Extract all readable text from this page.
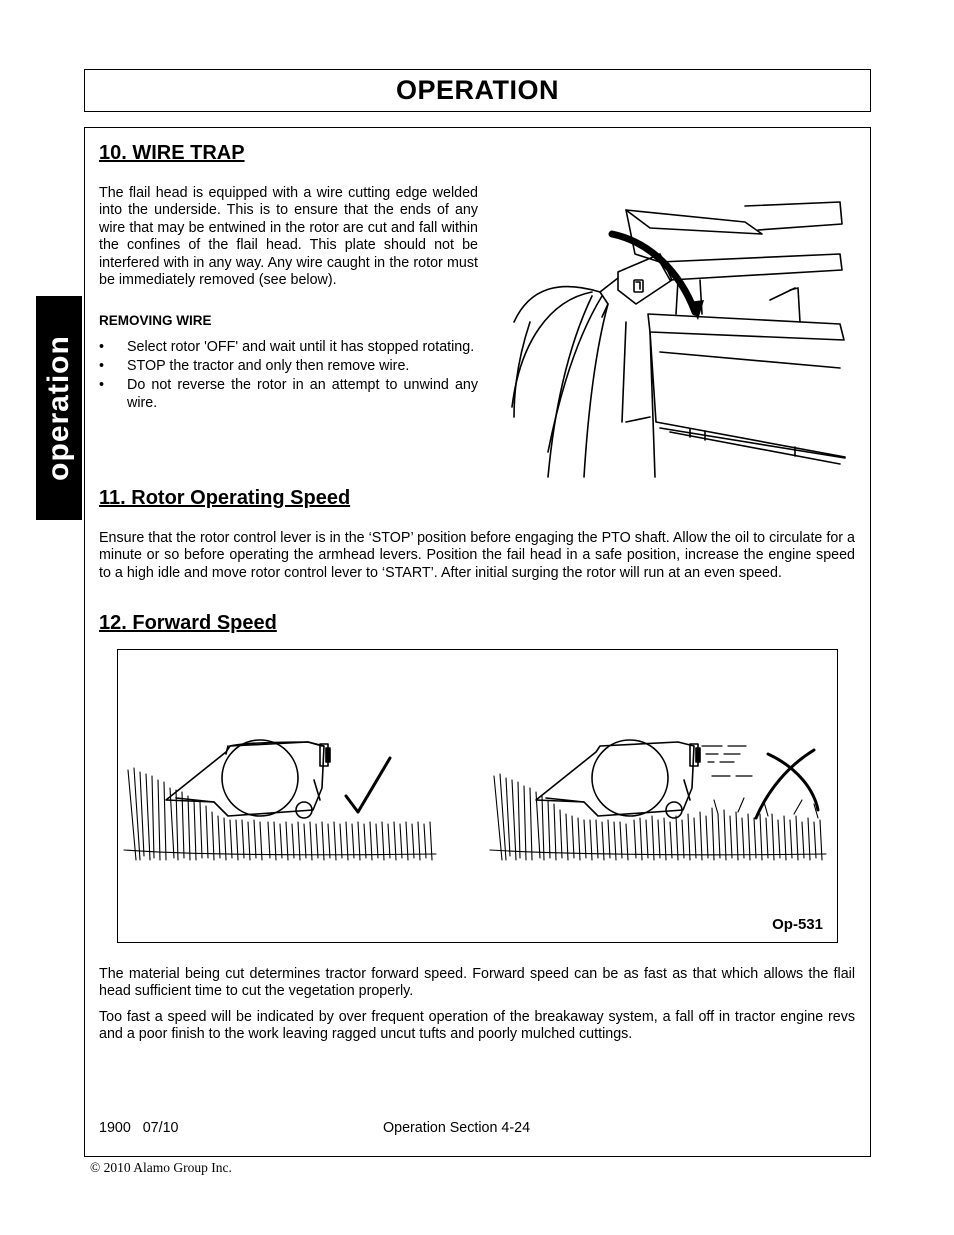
OPERATION
operation
10. WIRE TRAP
The flail head is equipped with a wire cutting edge welded into the underside. This is to ensure that the ends of any wire that may be entwined in the rotor are cut and fall within the confines of the flail head. This plate should not be interfered with in any way. Any wire caught in the rotor must be immediately removed (see below).
REMOVING WIRE
• Select rotor 'OFF' and wait until it has stopped rotating.
• STOP the tractor and only then remove wire.
• Do not reverse the rotor in an attempt to unwind any wire.
11. Rotor Operating Speed
Ensure that the rotor control lever is in the ‘STOP’ position before engaging the PTO shaft. Allow the oil to circulate for a minute or so before operating the armhead levers. Position the fail head in a safe position, increase the engine speed to a high idle and move rotor control lever to ‘START’. After initial surging the rotor will run at an even speed.
12. Forward Speed
Op-531
The material being cut determines tractor forward speed. Forward speed can be as fast as that which allows the flail head sufficient time to cut the vegetation properly.
Too fast a speed will be indicated by over frequent operation of the breakaway system, a fall off in tractor engine revs and a poor finish to the work leaving ragged uncut tufts and poorly mulched cuttings.
1900   07/10	Operation Section 4-24
© 2010 Alamo Group Inc.
